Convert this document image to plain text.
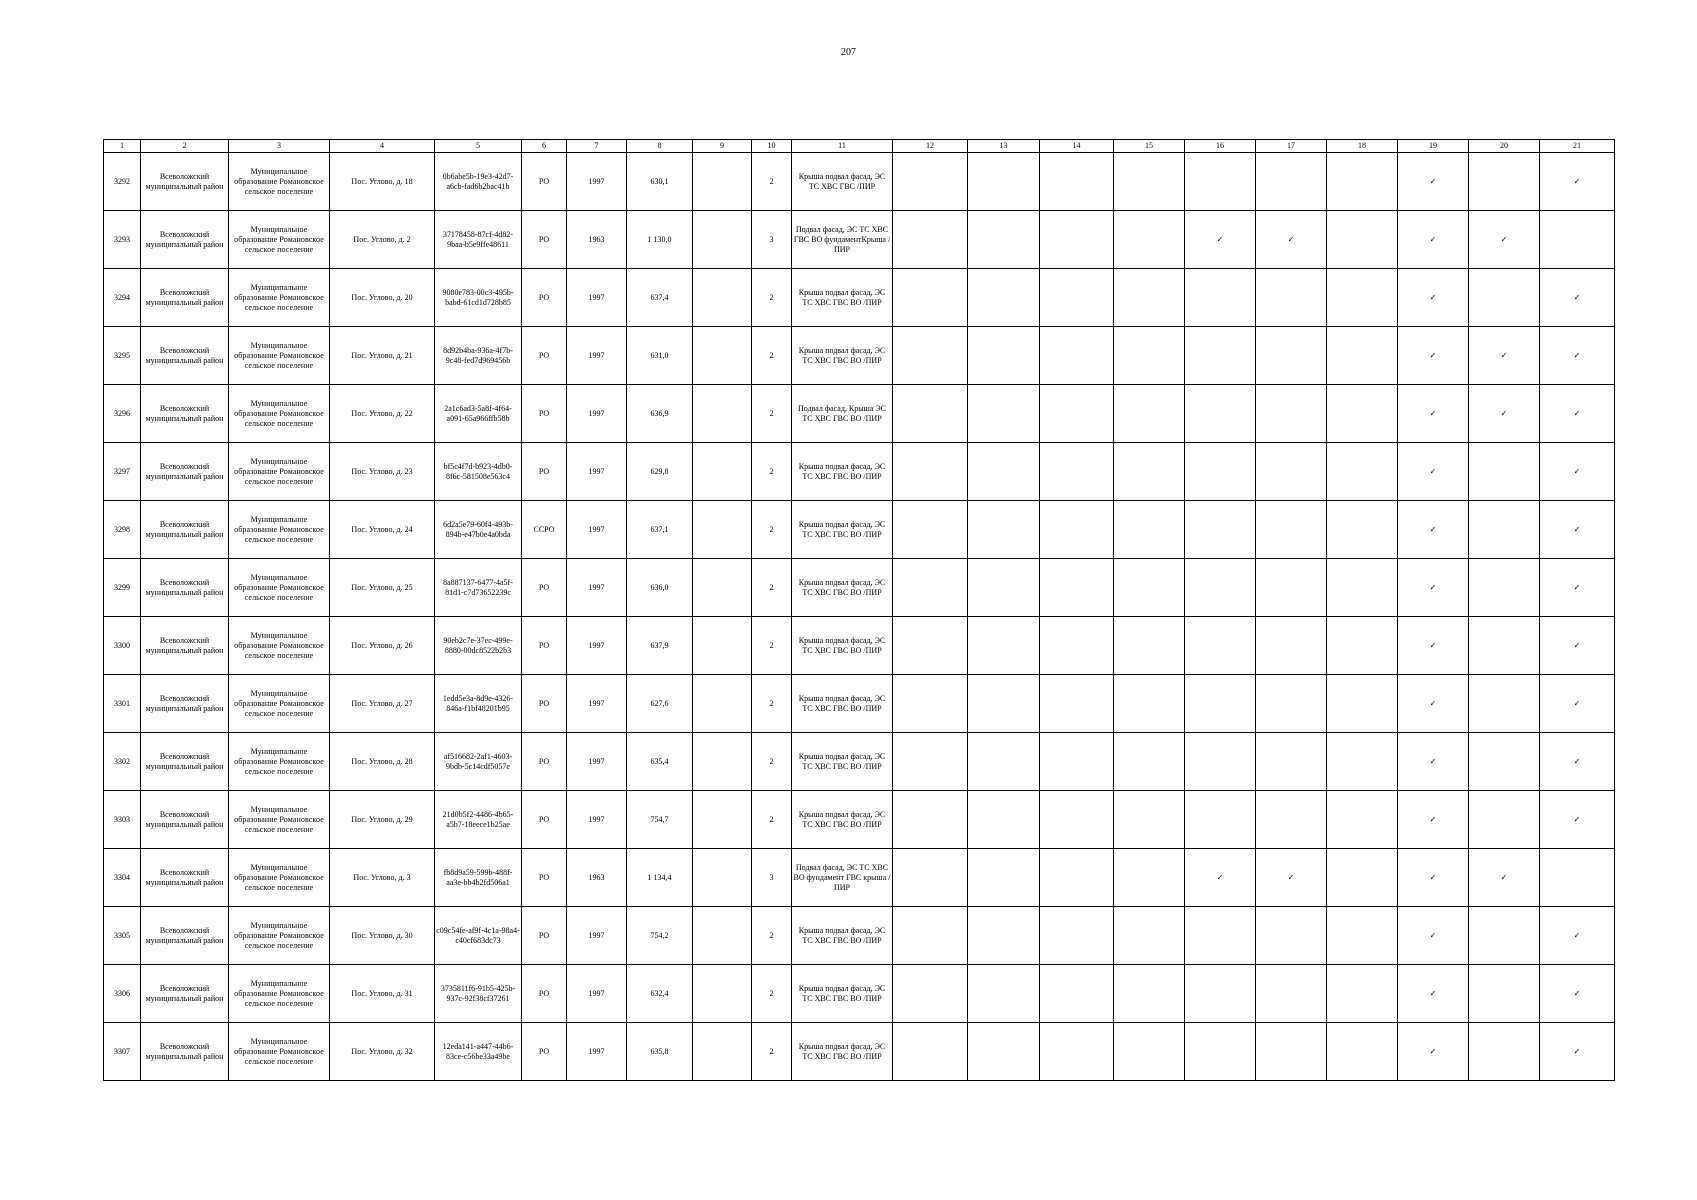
207
1	2	3	4	5	6	7	8	9	10	11	12	13	14	15	16	17	18	19	20	21
3292	Всеволожский муниципальный район	Муниципальное образование Романовское сельское поселение	Пос. Углово, д. 18	0b6abe5b-19e3-42d7-a6cb-fad6b2bac41b	РО	1997	630,1		2	Крыша подвал фасад, ЭС ТС ХВС ГВС /ПИР								✓		✓
3293	Всеволожский муниципальный район	Муниципальное образование Романовское сельское поселение	Пос. Углово, д. 2	37178458-87cf-4d82-9baa-b5e9ffe48611	РО	1963	1 130,0		3	Подвал фасад, ЭС ТС ХВС ГВС ВО фундаментКрыша /ПИР					✓	✓		✓	✓	
3294	Всеволожский муниципальный район	Муниципальное образование Романовское сельское поселение	Пос. Углово, д. 20	9080e783-00c3-495b-babd-61cd1d728b85	РО	1997	637,4		2	Крыша подвал фасад, ЭС ТС ХВС ГВС ВО /ПИР								✓		✓
3295	Всеволожский муниципальный район	Муниципальное образование Романовское сельское поселение	Пос. Углово, д. 21	8d92b4ba-936a-4f7b-9c48-fed7d969456b	РО	1997	631,0		2	Крыша подвал фасад, ЭС ТС ХВС ГВС ВО /ПИР								✓	✓	✓
3296	Всеволожский муниципальный район	Муниципальное образование Романовское сельское поселение	Пос. Углово, д. 22	2a1c6ad3-5a8f-4f64-a091-65a966ffb58b	РО	1997	636,9		2	Подвал фасад, Крыша ЭС ТС ХВС ГВС ВО /ПИР								✓	✓	✓
3297	Всеволожский муниципальный район	Муниципальное образование Романовское сельское поселение	Пос. Углово, д. 23	bf5c4f7d-b923-4db0-8f6c-581508e563c4	РО	1997	629,8		2	Крыша подвал фасад, ЭС ТС ХВС ГВС ВО /ПИР								✓		✓
3298	Всеволожский муниципальный район	Муниципальное образование Романовское сельское поселение	Пос. Углово, д. 24	6d2a5e79-60f4-493b-894b-e47b0e4a0bda	ССРО	1997	637,1		2	Крыша подвал фасад, ЭС ТС ХВС ГВС ВО /ПИР								✓		✓
3299	Всеволожский муниципальный район	Муниципальное образование Романовское сельское поселение	Пос. Углово, д. 25	8a887137-6477-4a5f-81d1-c7d73652239c	РО	1997	636,0		2	Крыша подвал фасад, ЭС ТС ХВС ГВС ВО /ПИР								✓		✓
3300	Всеволожский муниципальный район	Муниципальное образование Романовское сельское поселение	Пос. Углово, д. 26	90eb2c7e-37ec-499e-8880-00dc8522b2b3	РО	1997	637,9		2	Крыша подвал фасад, ЭС ТС ХВС ГВС ВО /ПИР								✓		✓
3301	Всеволожский муниципальный район	Муниципальное образование Романовское сельское поселение	Пос. Углово, д. 27	1edd5e3a-8d9e-4326-846a-f1bf48201b95	РО	1997	627,6		2	Крыша подвал фасад, ЭС ТС ХВС ГВС ВО /ПИР								✓		✓
3302	Всеволожский муниципальный район	Муниципальное образование Романовское сельское поселение	Пос. Углово, д. 28	af516682-2af1-4603-9bdb-5c14cdf5057e	РО	1997	635,4		2	Крыша подвал фасад, ЭС ТС ХВС ГВС ВО /ПИР								✓		✓
3303	Всеволожский муниципальный район	Муниципальное образование Романовское сельское поселение	Пос. Углово, д. 29	21d0b5f2-4486-4b65-a5b7-18eece1b25ae	РО	1997	754,7		2	Крыша подвал фасад, ЭС ТС ХВС ГВС ВО /ПИР								✓		✓
3304	Всеволожский муниципальный район	Муниципальное образование Романовское сельское поселение	Пос. Углово, д. 3	fb8d9a59-599b-488f-aa3e-bb4b2fd506a1	РО	1963	1 134,4		3	Подвал фасад, ЭС ТС ХВС ВО фундамент ГВС крыша /ПИР					✓	✓		✓	✓	
3305	Всеволожский муниципальный район	Муниципальное образование Романовское сельское поселение	Пос. Углово, д. 30	c09c54fe-af9f-4c1a-98a4-c40cf683dc73	РО	1997	754,2		2	Крыша подвал фасад, ЭС ТС ХВС ГВС ВО /ПИР								✓		✓
3306	Всеволожский муниципальный район	Муниципальное образование Романовское сельское поселение	Пос. Углово, д. 31	3735811f6-91b5-425b-937c-92f38cf37261	РО	1997	632,4		2	Крыша подвал фасад, ЭС ТС ХВС ГВС ВО /ПИР								✓		✓
3307	Всеволожский муниципальный район	Муниципальное образование Романовское сельское поселение	Пос. Углово, д. 32	12eda141-a447-44b6-83ce-c56be33a49be	РО	1997	635,8		2	Крыша подвал фасад, ЭС ТС ХВС ГВС ВО /ПИР								✓		✓
